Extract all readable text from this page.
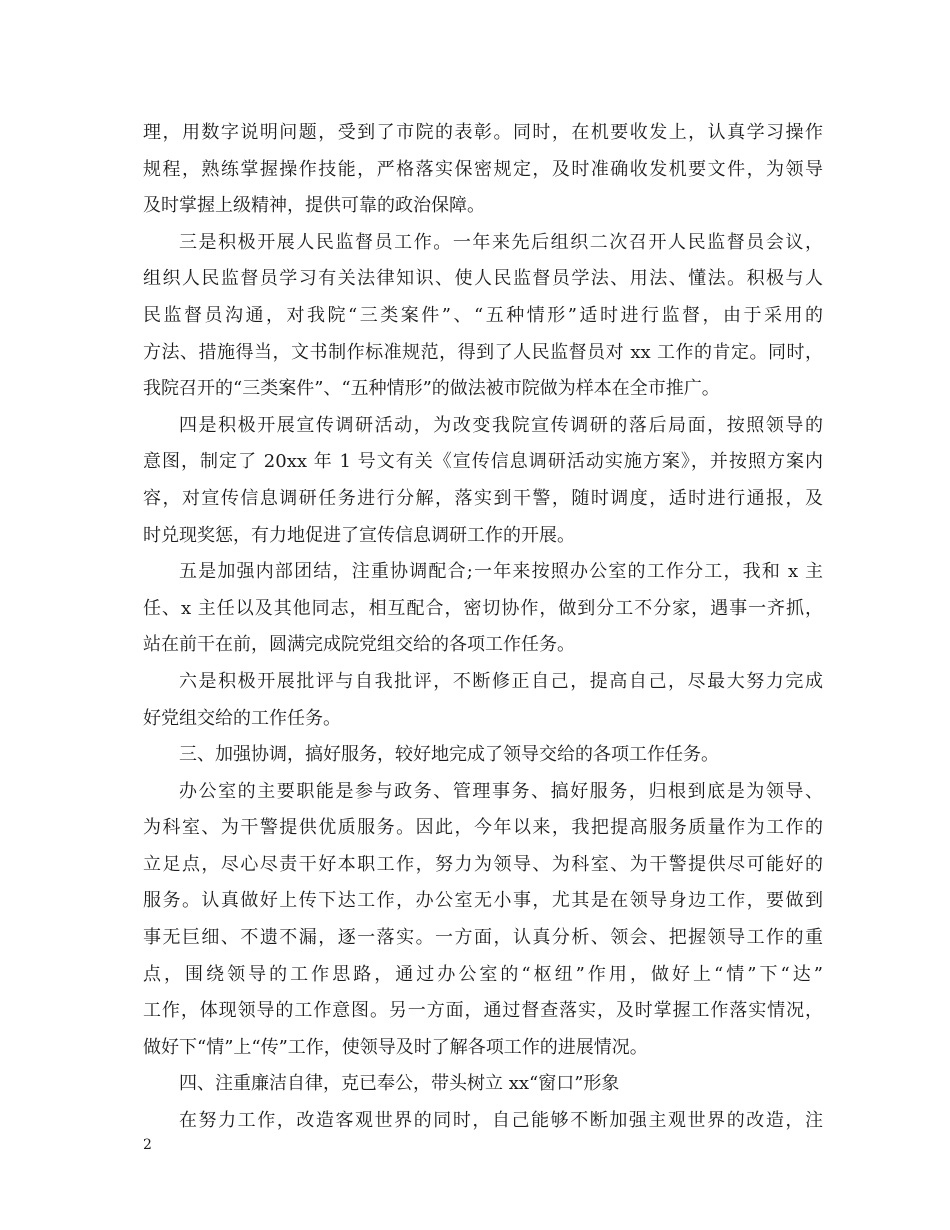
理，用数字说明问题，受到了市院的表彰。同时，在机要收发上，认真学习操作
规程，熟练掌握操作技能，严格落实保密规定，及时准确收发机要文件，为领导
及时掌握上级精神，提供可靠的政治保障。
三是积极开展人民监督员工作。一年来先后组织二次召开人民监督员会议，
组织人民监督员学习有关法律知识、使人民监督员学法、用法、懂法。积极与人
民监督员沟通，对我院“三类案件”、“五种情形”适时进行监督，由于采用的
方法、措施得当，文书制作标准规范，得到了人民监督员对 xx 工作的肯定。同时，
我院召开的“三类案件”、“五种情形”的做法被市院做为样本在全市推广。
四是积极开展宣传调研活动，为改变我院宣传调研的落后局面，按照领导的
意图，制定了 20xx 年 1 号文有关《宣传信息调研活动实施方案》，并按照方案内
容，对宣传信息调研任务进行分解，落实到干警，随时调度，适时进行通报，及
时兑现奖惩，有力地促进了宣传信息调研工作的开展。
五是加强内部团结，注重协调配合;一年来按照办公室的工作分工，我和 x 主
任、x 主任以及其他同志，相互配合，密切协作，做到分工不分家，遇事一齐抓，
站在前干在前，圆满完成院党组交给的各项工作任务。
六是积极开展批评与自我批评，不断修正自己，提高自己，尽最大努力完成
好党组交给的工作任务。
三、加强协调，搞好服务，较好地完成了领导交给的各项工作任务。
办公室的主要职能是参与政务、管理事务、搞好服务，归根到底是为领导、
为科室、为干警提供优质服务。因此，今年以来，我把提高服务质量作为工作的
立足点，尽心尽责干好本职工作，努力为领导、为科室、为干警提供尽可能好的
服务。认真做好上传下达工作，办公室无小事，尤其是在领导身边工作，要做到
事无巨细、不遗不漏，逐一落实。一方面，认真分析、领会、把握领导工作的重
点，围绕领导的工作思路，通过办公室的“枢纽”作用，做好上“情”下“达”
工作，体现领导的工作意图。另一方面，通过督查落实，及时掌握工作落实情况，
做好下“情”上“传”工作，使领导及时了解各项工作的进展情况。
四、注重廉洁自律，克已奉公，带头树立 xx“窗口”形象
在努力工作，改造客观世界的同时，自己能够不断加强主观世界的改造，注
2
